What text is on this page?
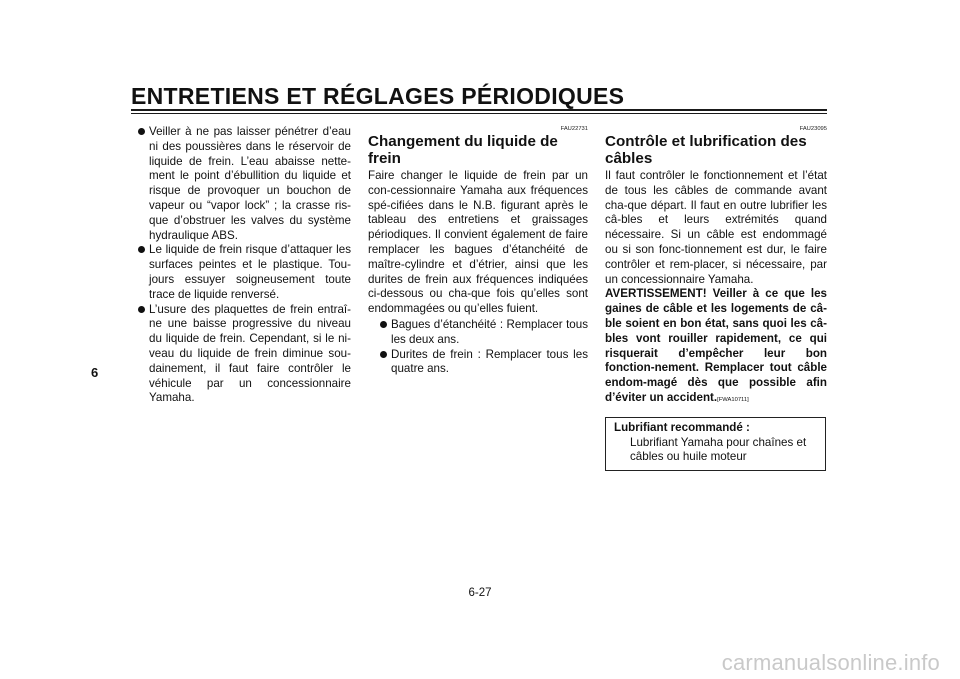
ENTRETIENS ET RÉGLAGES PÉRIODIQUES
6
Veiller à ne pas laisser pénétrer d’eau ni des poussières dans le réservoir de liquide de frein. L’eau abaisse nette-ment le point d’ébullition du liquide et risque de provoquer un bouchon de vapeur ou “vapor lock” ; la crasse ris-que d’obstruer les valves du système hydraulique ABS.
Le liquide de frein risque d’attaquer les surfaces peintes et le plastique. Tou-jours essuyer soigneusement toute trace de liquide renversé.
L’usure des plaquettes de frein entraî-ne une baisse progressive du niveau du liquide de frein. Cependant, si le ni-veau du liquide de frein diminue sou-dainement, il faut faire contrôler le véhicule par un concessionnaire Yamaha.
FAU22731
Changement du liquide de frein

Faire changer le liquide de frein par un con-cessionnaire Yamaha aux fréquences spé-cifiées dans le N.B. figurant après le tableau des entretiens et graissages périodiques. Il convient également de faire remplacer les bagues d’étanchéité de maître-cylindre et d’étrier, ainsi que les durites de frein aux fréquences indiquées ci-dessous ou cha-que fois qu’elles sont endommagées ou qu’elles fuient.

Bagues d’étanchéité : Remplacer tous les deux ans.
Durites de frein : Remplacer tous les quatre ans.
FAU23095
Contrôle et lubrification des câbles

Il faut contrôler le fonctionnement et l’état de tous les câbles de commande avant cha-que départ. Il faut en outre lubrifier les câ-bles et leurs extrémités quand nécessaire. Si un câble est endommagé ou si son fonc-tionnement est dur, le faire contrôler et rem-placer, si nécessaire, par un concessionnaire Yamaha.

AVERTISSEMENT! Veiller à ce que les gaines de câble et les logements de câ-ble soient en bon état, sans quoi les câ-bles vont rouiller rapidement, ce qui risquerait d’empêcher leur bon fonction-nement. Remplacer tout câble endom-magé dès que possible afin d’éviter un accident.[FWA10711]

Lubrifiant recommandé :
Lubrifiant Yamaha pour chaînes et câbles ou huile moteur
6-27
carmanualsonline.info
